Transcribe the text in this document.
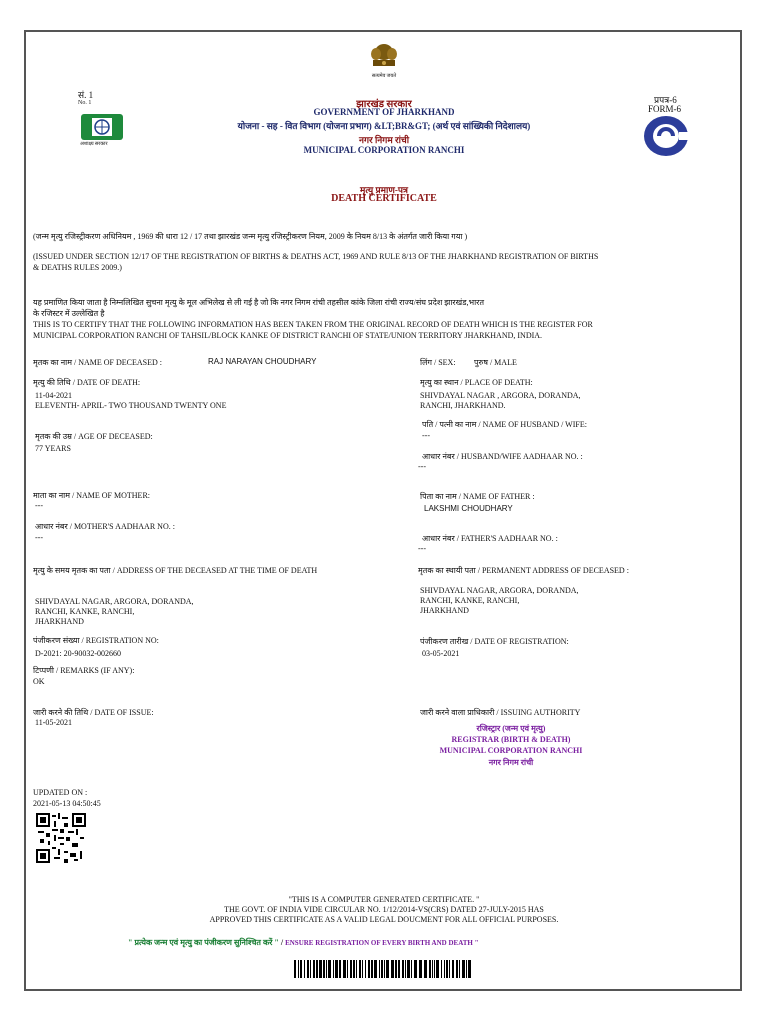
सं. 1
No. 1
अशाक्ष्य सरकार
सत्यमेव जयते
झारखंड सरकार
GOVERNMENT OF JHARKHAND
योजना - सह - वित विभाग (योजना प्रभाग) &LT;BR&GT; (अर्थ एवं सांख्यिकी निदेशालय)
नगर निगम रांची
MUNICIPAL CORPORATION RANCHI
प्रपत्र-6
FORM-6
मृत्यु प्रमाण-पत्र
DEATH CERTIFICATE
(जन्म मृत्यु रजिस्ट्रीकरण अधिनियम , 1969 की धारा 12 / 17 तथा झारखंड जन्म मृत्यु रजिस्ट्रीकरण नियम, 2009 के नियम 8/13 के अंतर्गत जारी किया गया )
(ISSUED UNDER SECTION 12/17 OF THE REGISTRATION OF BIRTHS & DEATHS ACT, 1969 AND RULE 8/13 OF THE JHARKHAND REGISTRATION OF BIRTHS
& DEATHS RULES 2009.)
यह प्रमाणित किया जाता है निम्नलिखित सुचना मृत्यु के मूल अभिलेख से ली गई है जो कि नगर निगम रांची तहसील कांके जिला रांची राज्य/संघ प्रदेश झारखंड,भारत
के रजिस्टर में उल्लेखित है
THIS IS TO CERTIFY THAT THE FOLLOWING INFORMATION HAS BEEN TAKEN FROM THE ORIGINAL RECORD OF DEATH WHICH IS THE REGISTER FOR
MUNICIPAL CORPORATION RANCHI OF TAHSIL/BLOCK KANKE OF DISTRICT RANCHI OF STATE/UNION TERRITORY JHARKHAND, INDIA.
मृतक का नाम / NAME OF DECEASED :	RAJ NARAYAN CHOUDHARY
मृत्यु की तिथि / DATE OF DEATH:
11-04-2021
ELEVENTH- APRIL- TWO THOUSAND TWENTY ONE
मृतक की उम्र / AGE OF DECEASED:
77 YEARS
माता का नाम / NAME OF MOTHER:
---
आधार नंबर / MOTHER'S AADHAAR NO. :
---
मृत्यु के समय मृतक का पता / ADDRESS OF THE DECEASED AT THE TIME OF DEATH
SHIVDAYAL NAGAR, ARGORA, DORANDA,
RANCHI, KANKE, RANCHI,
JHARKHAND
पंजीकरण संख्या / REGISTRATION NO:
D-2021: 20-90032-002660
टिप्पणी / REMARKS (IF ANY):
OK
जारी करने की तिथि / DATE OF ISSUE:
11-05-2021
लिंग / SEX: पुरुष / MALE
मृत्यु का स्थान / PLACE OF DEATH:
SHIVDAYAL NAGAR , ARGORA, DORANDA,
RANCHI, JHARKHAND.
पति / पत्नी का नाम / NAME OF HUSBAND / WIFE:
---
आधार नंबर / HUSBAND/WIFE AADHAAR NO. :
---
पिता का नाम / NAME OF FATHER :
LAKSHMI CHOUDHARY
आधार नंबर / FATHER'S AADHAAR NO. :
---
मृतक का स्थायी पता / PERMANENT ADDRESS OF DECEASED :
SHIVDAYAL NAGAR, ARGORA, DORANDA,
RANCHI, KANKE, RANCHI,
JHARKHAND
पंजीकरण तारीख / DATE OF REGISTRATION:
03-05-2021
जारी करने वाला प्राधिकारी / ISSUING AUTHORITY
रजिस्ट्रार (जन्म एवं मृत्यु)
REGISTRAR (BIRTH & DEATH)
MUNICIPAL CORPORATION RANCHI
नगर निगम रांची
UPDATED ON :
2021-05-13 04:50:45
"THIS IS A COMPUTER GENERATED CERTIFICATE. "
THE GOVT. OF INDIA VIDE CIRCULAR NO. 1/12/2014-VS(CRS) DATED 27-JULY-2015 HAS
APPROVED THIS CERTIFICATE AS A VALID LEGAL DOUCMENT FOR ALL OFFICIAL PURPOSES.
" प्रत्येक जन्म एवं मृत्यु का पंजीकरण सुनिश्चित करें " / ENSURE REGISTRATION OF EVERY BIRTH AND DEATH "
